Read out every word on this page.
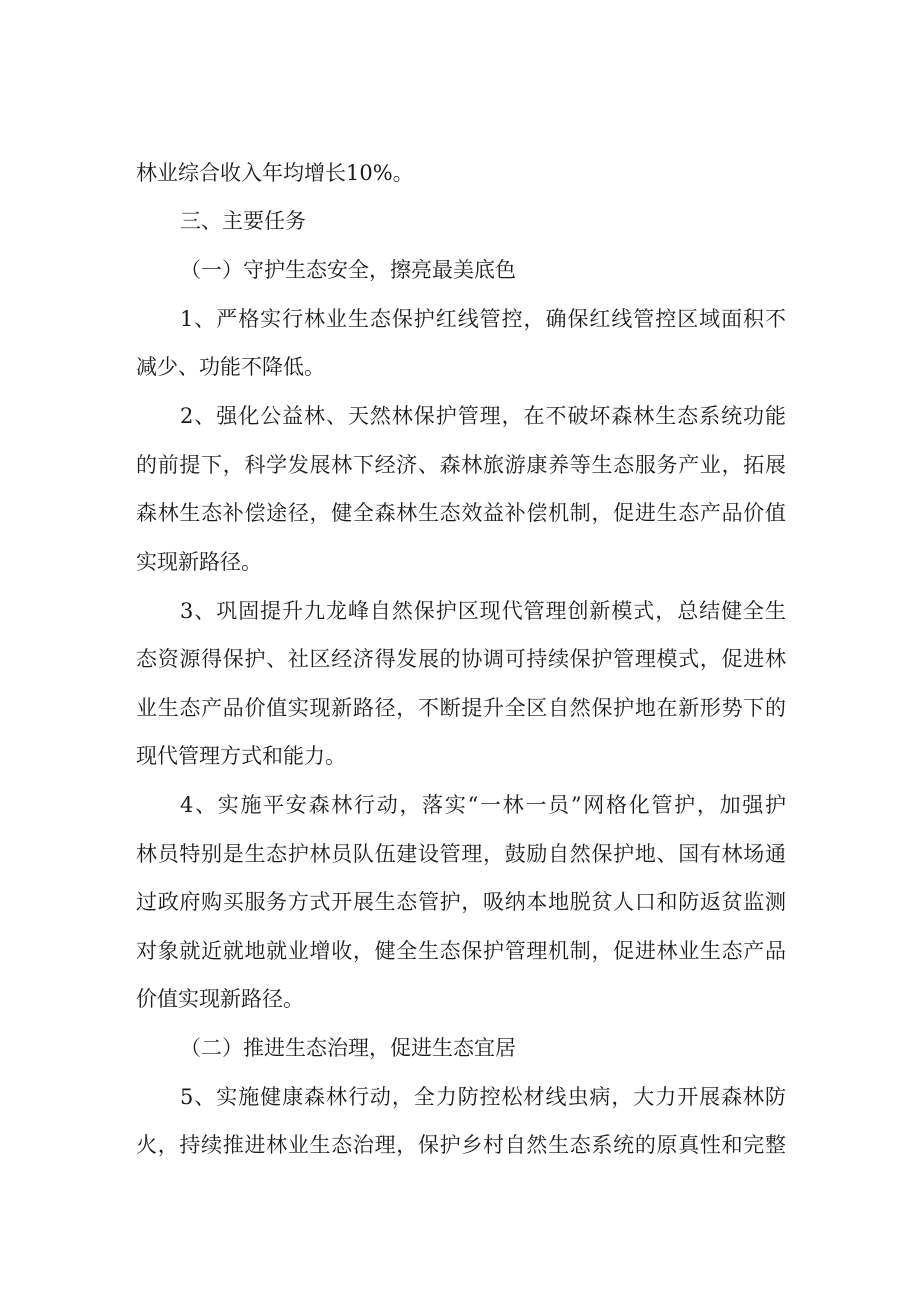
林业综合收入年均增长10%。
三、主要任务
（一）守护生态安全，擦亮最美底色
1、严格实行林业生态保护红线管控，确保红线管控区域面积不
减少、功能不降低。
2、强化公益林、天然林保护管理，在不破坏森林生态系统功能
的前提下，科学发展林下经济、森林旅游康养等生态服务产业，拓展
森林生态补偿途径，健全森林生态效益补偿机制，促进生态产品价值
实现新路径。
3、巩固提升九龙峰自然保护区现代管理创新模式，总结健全生
态资源得保护、社区经济得发展的协调可持续保护管理模式，促进林
业生态产品价值实现新路径，不断提升全区自然保护地在新形势下的
现代管理方式和能力。
4、实施平安森林行动，落实“一林一员”网格化管护，加强护
林员特别是生态护林员队伍建设管理，鼓励自然保护地、国有林场通
过政府购买服务方式开展生态管护，吸纳本地脱贫人口和防返贫监测
对象就近就地就业增收，健全生态保护管理机制，促进林业生态产品
价值实现新路径。
（二）推进生态治理，促进生态宜居
5、实施健康森林行动，全力防控松材线虫病，大力开展森林防
火，持续推进林业生态治理，保护乡村自然生态系统的原真性和完整
